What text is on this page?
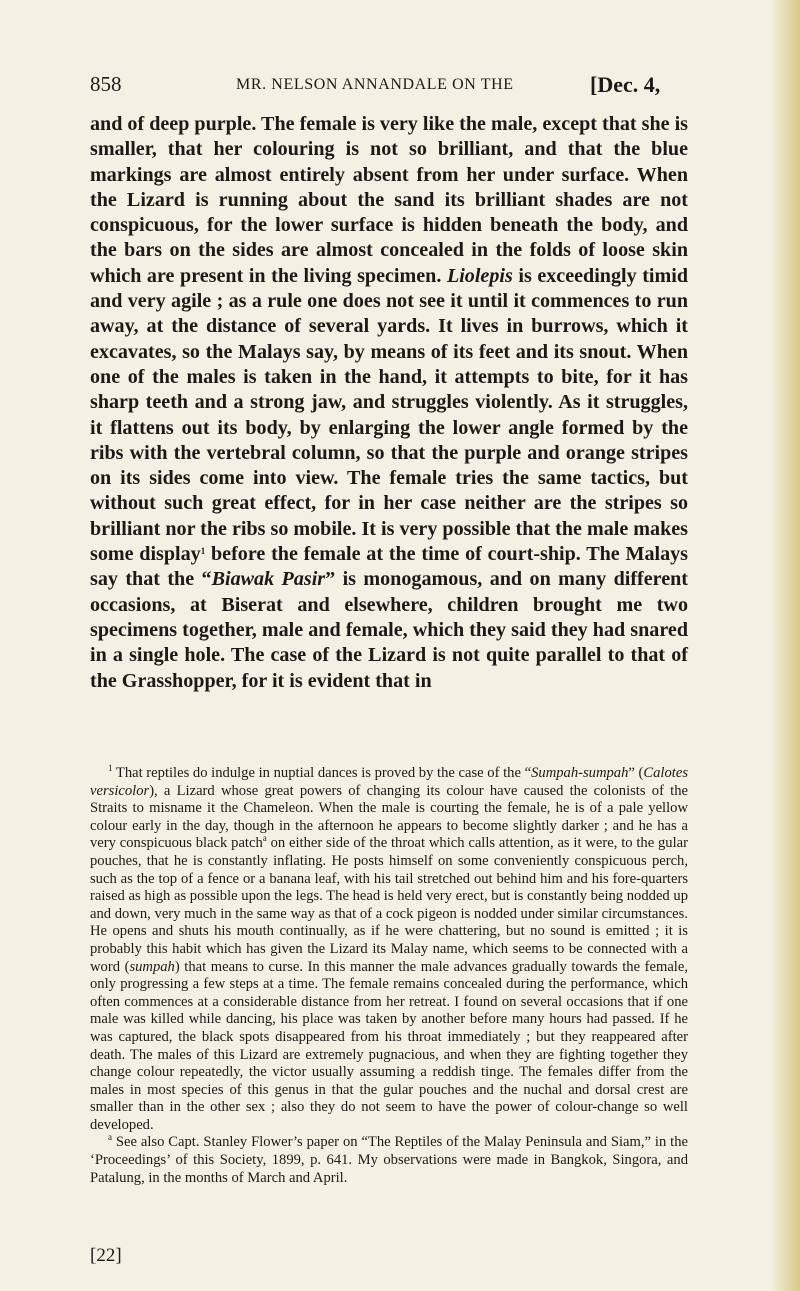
858	MR. NELSON ANNANDALE ON THE	[Dec. 4,

and of deep purple. The female is very like the male, except that she is smaller, that her colouring is not so brilliant, and that the blue markings are almost entirely absent from her under surface. When the Lizard is running about the sand its brilliant shades are not conspicuous, for the lower surface is hidden beneath the body, and the bars on the sides are almost concealed in the folds of loose skin which are present in the living specimen. Liolepis is exceedingly timid and very agile ; as a rule one does not see it until it commences to run away, at the distance of several yards. It lives in burrows, which it excavates, so the Malays say, by means of its feet and its snout. When one of the males is taken in the hand, it attempts to bite, for it has sharp teeth and a strong jaw, and struggles violently. As it struggles, it flattens out its body, by enlarging the lower angle formed by the ribs with the vertebral column, so that the purple and orange stripes on its sides come into view. The female tries the same tactics, but without such great effect, for in her case neither are the stripes so brilliant nor the ribs so mobile. It is very possible that the male makes some display$^1$ before the female at the time of court-ship. The Malays say that the “Biawak Pasir” is monogamous, and on many different occasions, at Biserat and elsewhere, children brought me two specimens together, male and female, which they said they had snared in a single hole. The case of the Lizard is not quite parallel to that of the Grasshopper, for it is evident that in

$^1$ That reptiles do indulge in nuptial dances is proved by the case of the “Sumpah-sumpah” (Calotes versicolor), a Lizard whose great powers of changing its colour have caused the colonists of the Straits to misname it the Chameleon. When the male is courting the female, he is of a pale yellow colour early in the day, though in the afternoon he appears to become slightly darker ; and he has a very conspicuous black patch$^a$ on either side of the throat which calls attention, as it were, to the gular pouches, that he is constantly inflating. He posts himself on some conveniently conspicuous perch, such as the top of a fence or a banana leaf, with his tail stretched out behind him and his fore-quarters raised as high as possible upon the legs. The head is held very erect, but is constantly being nodded up and down, very much in the same way as that of a cock pigeon is nodded under similar circumstances. He opens and shuts his mouth continually, as if he were chattering, but no sound is emitted ; it is probably this habit which has given the Lizard its Malay name, which seems to be connected with a word (sumpah) that means to curse. In this manner the male advances gradually towards the female, only progressing a few steps at a time. The female remains concealed during the performance, which often commences at a considerable distance from her retreat. I found on several occasions that if one male was killed while dancing, his place was taken by another before many hours had passed. If he was captured, the black spots disappeared from his throat immediately ; but they reappeared after death. The males of this Lizard are extremely pugnacious, and when they are fighting together they change colour repeatedly, the victor usually assuming a reddish tinge. The females differ from the males in most species of this genus in that the gular pouches and the nuchal and dorsal crest are smaller than in the other sex ; also they do not seem to have the power of colour-change so well developed.

$^a$ See also Capt. Stanley Flower’s paper on “The Reptiles of the Malay Peninsula and Siam,” in the ‘Proceedings’ of this Society, 1899, p. 641. My observations were made in Bangkok, Singora, and Patalung, in the months of March and April.

[22]
